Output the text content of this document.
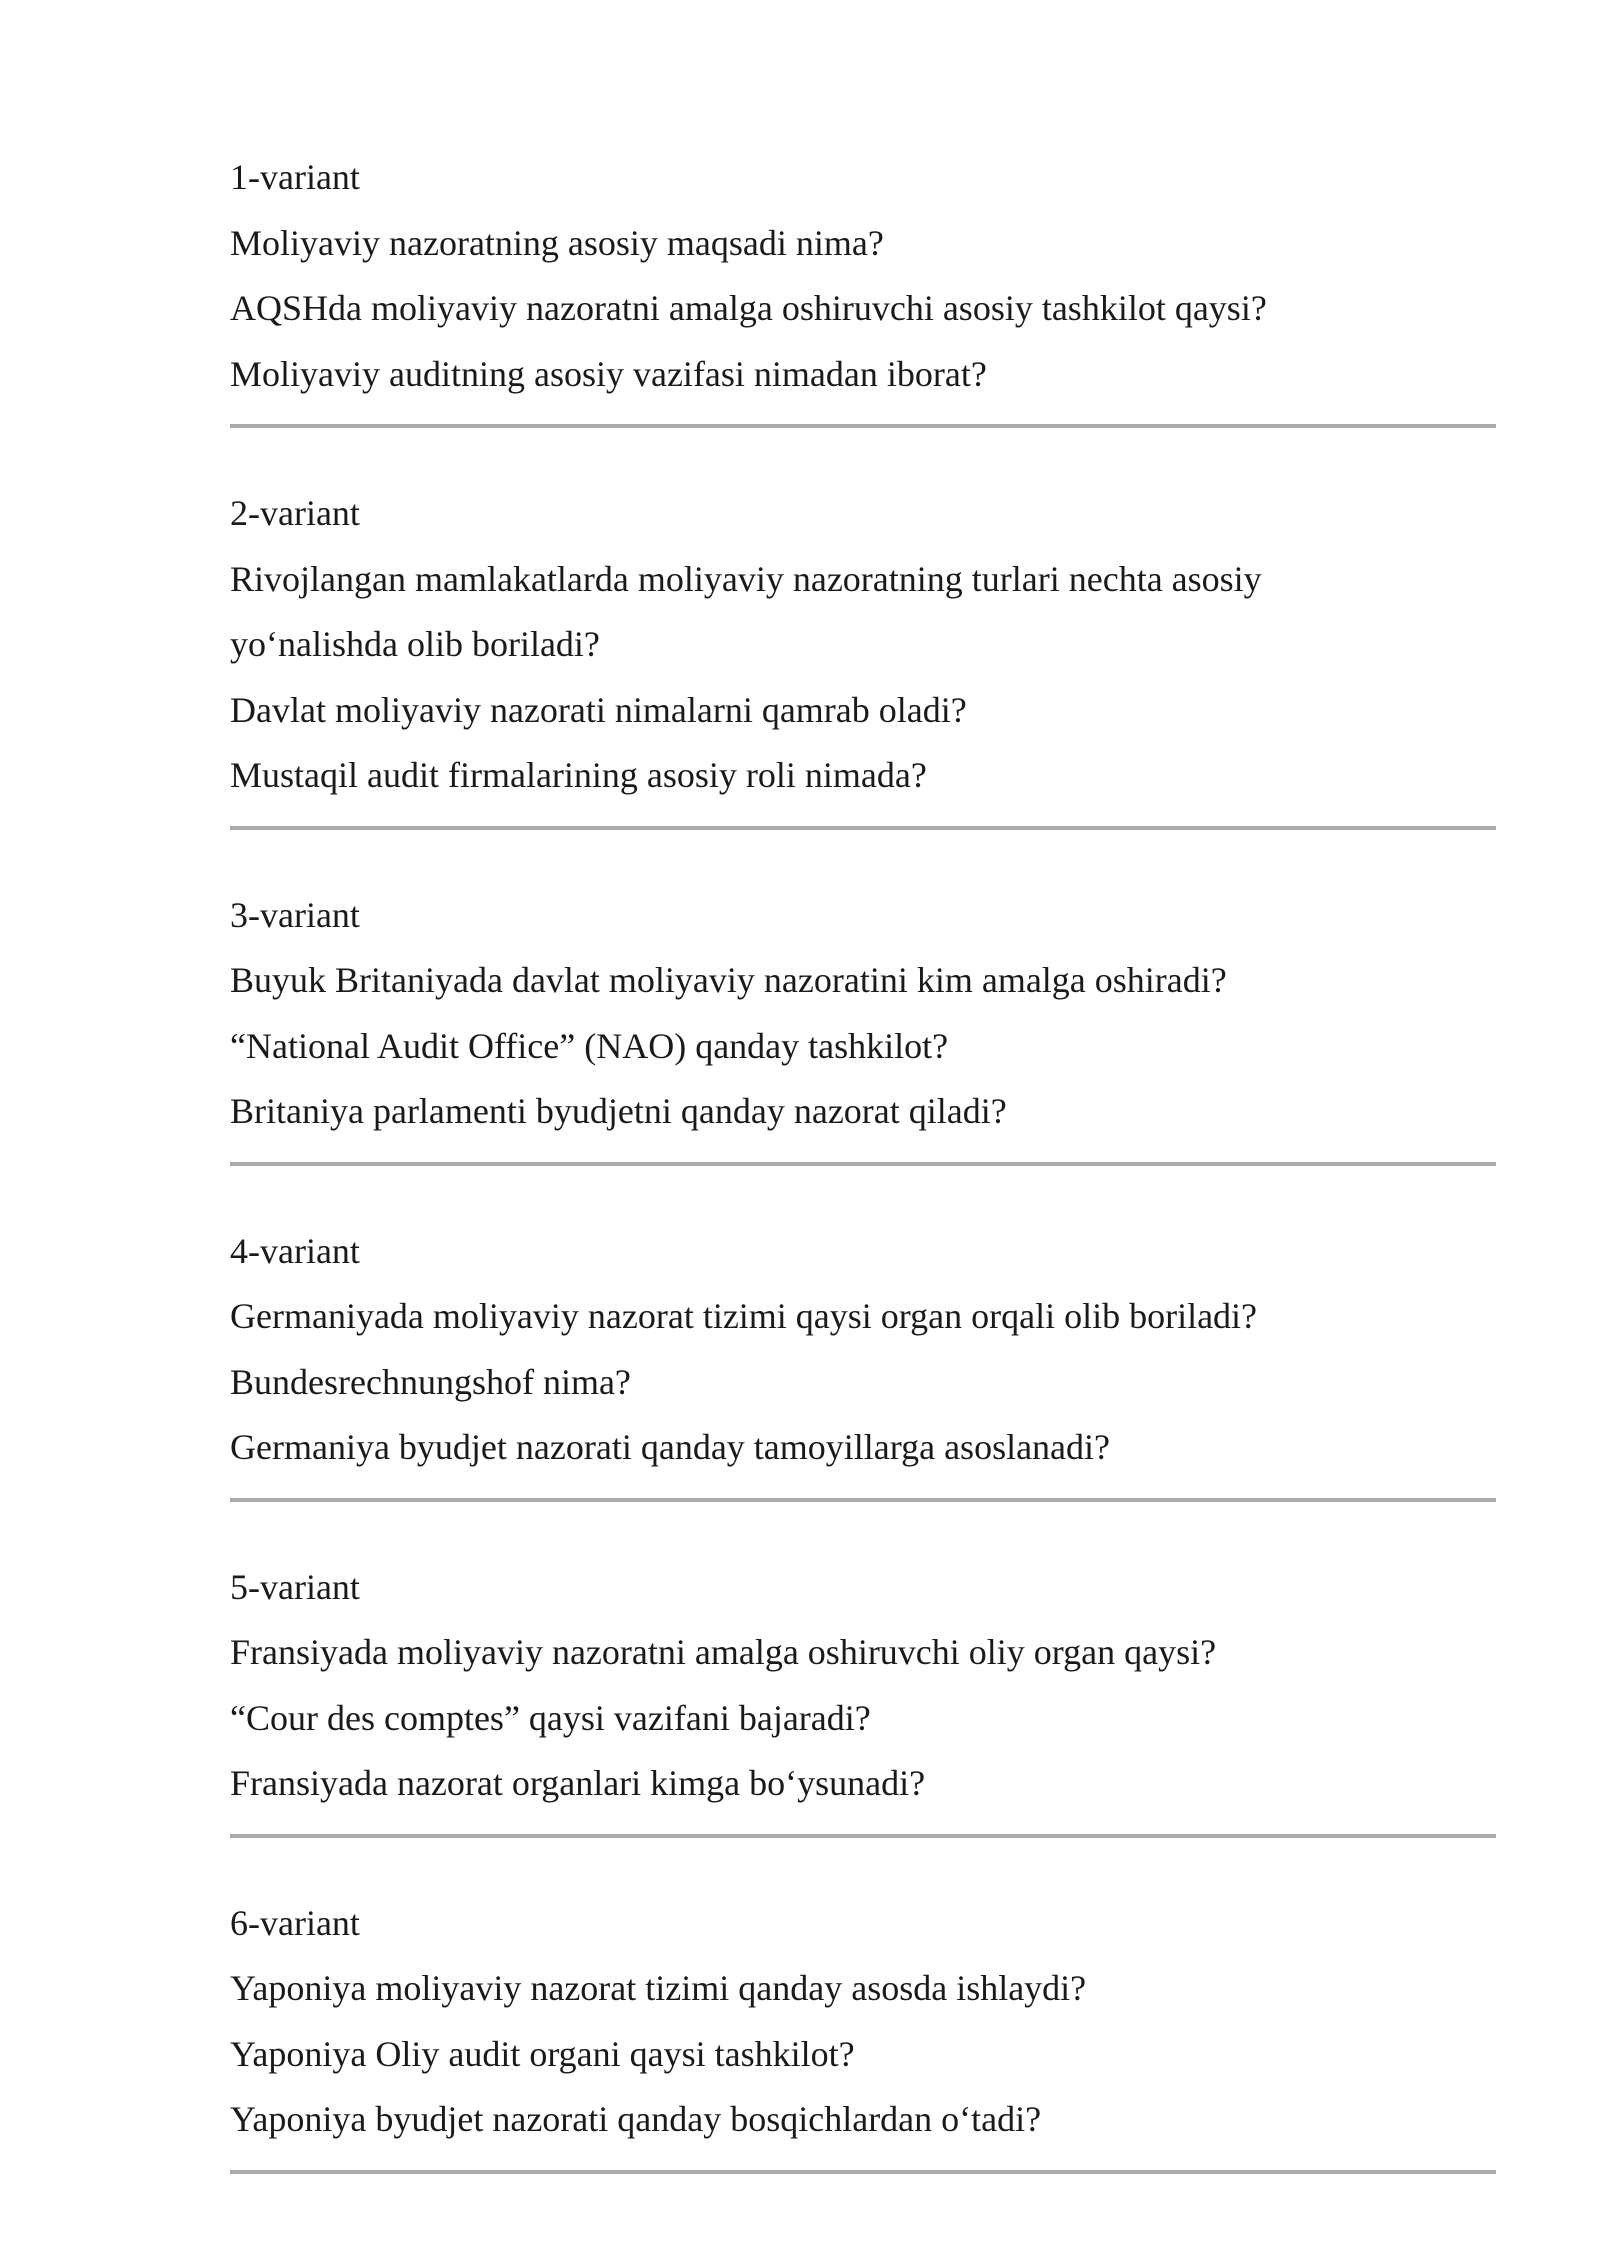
1-variant
Moliyaviy nazoratning asosiy maqsadi nima?
AQSHda moliyaviy nazoratni amalga oshiruvchi asosiy tashkilot qaysi?
Moliyaviy auditning asosiy vazifasi nimadan iborat?
2-variant
Rivojlangan mamlakatlarda moliyaviy nazoratning turlari nechta asosiy
yo‘nalishda olib boriladi?
Davlat moliyaviy nazorati nimalarni qamrab oladi?
Mustaqil audit firmalarining asosiy roli nimada?
3-variant
Buyuk Britaniyada davlat moliyaviy nazoratini kim amalga oshiradi?
“National Audit Office” (NAO) qanday tashkilot?
Britaniya parlamenti byudjetni qanday nazorat qiladi?
4-variant
Germaniyada moliyaviy nazorat tizimi qaysi organ orqali olib boriladi?
Bundesrechnungshof nima?
Germaniya byudjet nazorati qanday tamoyillarga asoslanadi?
5-variant
Fransiyada moliyaviy nazoratni amalga oshiruvchi oliy organ qaysi?
“Cour des comptes” qaysi vazifani bajaradi?
Fransiyada nazorat organlari kimga bo‘ysunadi?
6-variant
Yaponiya moliyaviy nazorat tizimi qanday asosda ishlaydi?
Yaponiya Oliy audit organi qaysi tashkilot?
Yaponiya byudjet nazorati qanday bosqichlardan o‘tadi?
